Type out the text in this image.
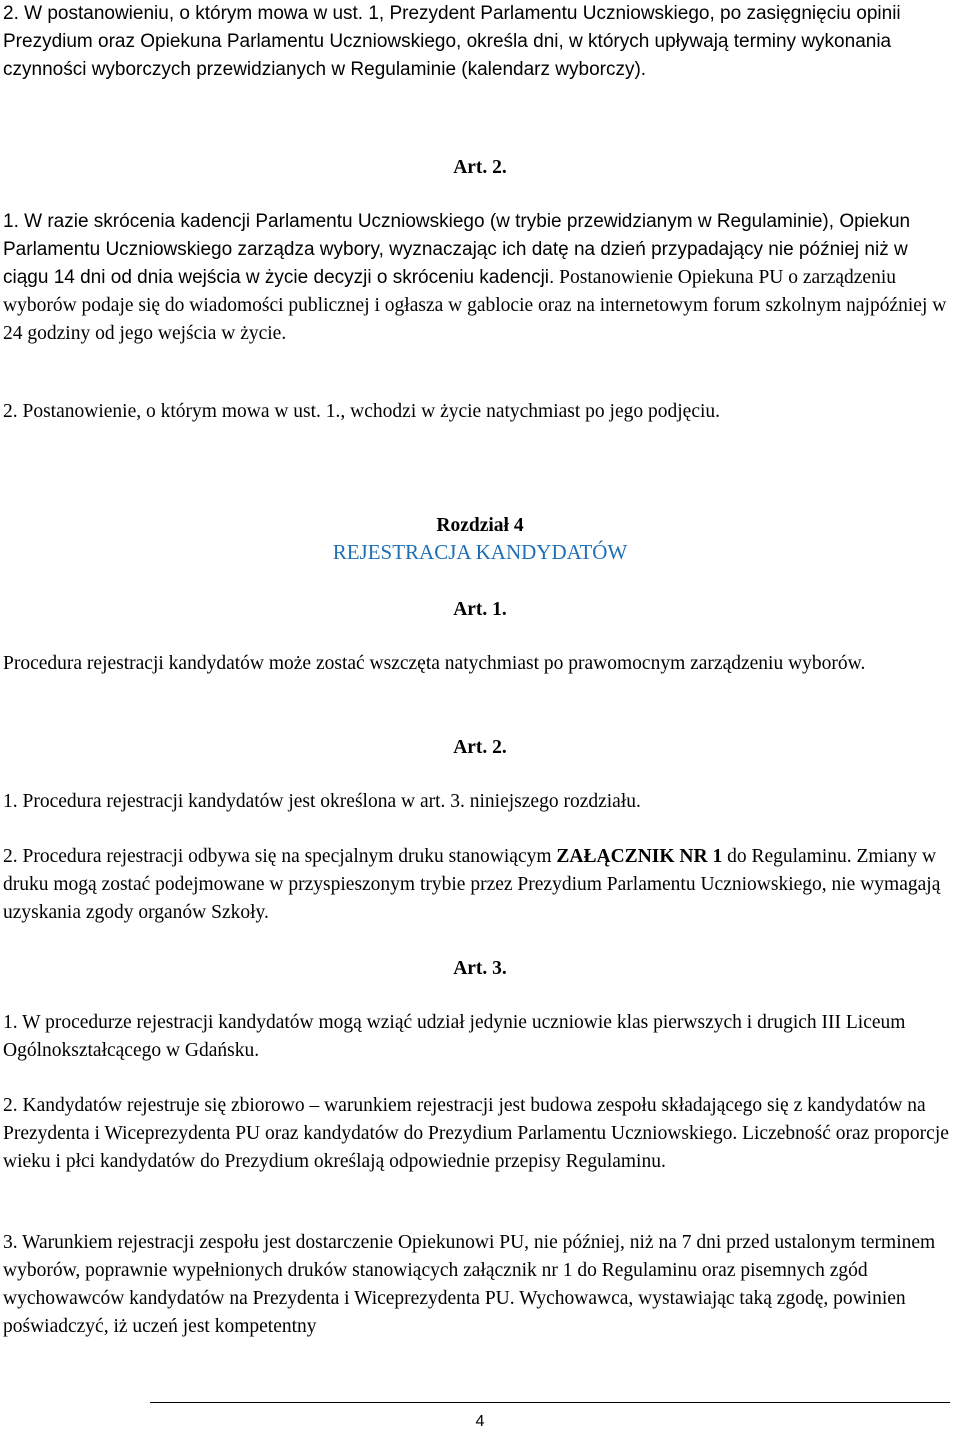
2. W postanowieniu, o którym mowa w ust. 1, Prezydent Parlamentu Uczniowskiego, po zasięgnięciu opinii Prezydium oraz Opiekuna Parlamentu Uczniowskiego, określa dni, w których upływają terminy wykonania czynności wyborczych przewidzianych w Regulaminie (kalendarz wyborczy).

Art. 2.

1. W razie skrócenia kadencji Parlamentu Uczniowskiego (w trybie przewidzianym w Regulaminie), Opiekun Parlamentu Uczniowskiego zarządza wybory, wyznaczając ich datę na dzień przypadający nie później niż w ciągu 14 dni od dnia wejścia w życie decyzji o skróceniu kadencji. Postanowienie Opiekuna PU o zarządzeniu wyborów podaje się do wiadomości publicznej i ogłasza w gablocie oraz na internetowym forum szkolnym najpóźniej w 24 godziny od jego wejścia w życie.

2. Postanowienie, o którym mowa w ust. 1., wchodzi w życie natychmiast po jego podjęciu.

Rozdział 4

REJESTRACJA KANDYDATÓW

Art. 1.

Procedura rejestracji kandydatów może zostać wszczęta natychmiast po prawomocnym zarządzeniu wyborów.

Art. 2.

1. Procedura rejestracji kandydatów jest określona w art. 3. niniejszego rozdziału.

2. Procedura rejestracji odbywa się na specjalnym druku stanowiącym ZAŁĄCZNIK NR 1 do Regulaminu. Zmiany w druku mogą zostać podejmowane w przyspieszonym trybie przez Prezydium Parlamentu Uczniowskiego, nie wymagają uzyskania zgody organów Szkoły.

Art. 3.

1. W procedurze rejestracji kandydatów mogą wziąć udział jedynie uczniowie klas pierwszych i drugich III Liceum Ogólnokształcącego w Gdańsku.

2. Kandydatów rejestruje się zbiorowo – warunkiem rejestracji jest budowa zespołu składającego się z kandydatów na Prezydenta i Wiceprezydenta PU oraz kandydatów do Prezydium Parlamentu Uczniowskiego. Liczebność oraz proporcje wieku i płci kandydatów do Prezydium określają odpowiednie przepisy Regulaminu.

3. Warunkiem rejestracji zespołu jest dostarczenie Opiekunowi PU, nie później, niż na 7 dni przed ustalonym terminem wyborów, poprawnie wypełnionych druków stanowiących załącznik nr 1 do Regulaminu oraz pisemnych zgód wychowawców kandydatów na Prezydenta i Wiceprezydenta PU. Wychowawca, wystawiając taką zgodę, powinien poświadczyć, iż uczeń jest kompetentny

4
